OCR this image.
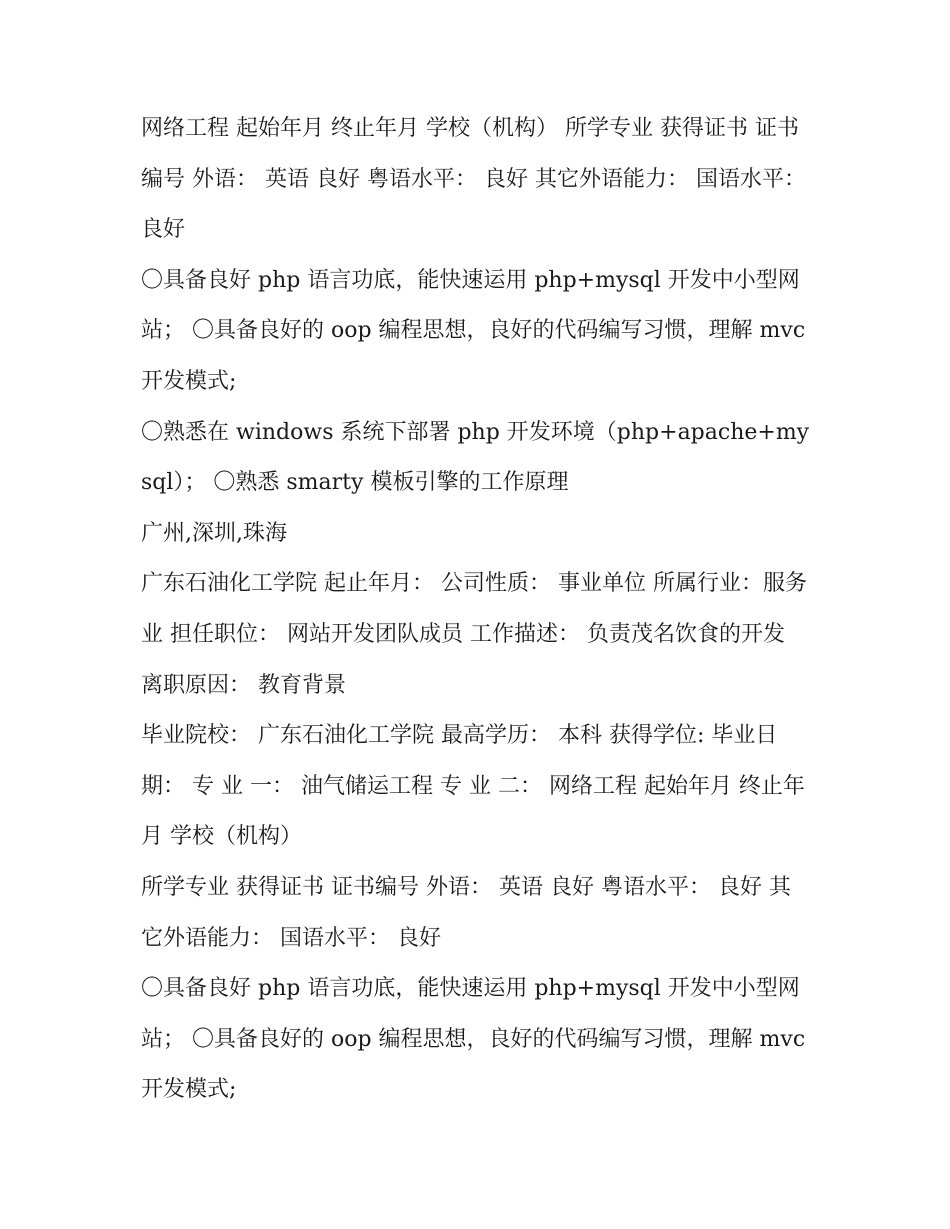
网络工程 起始年月 终止年月 学校（机构） 所学专业 获得证书 证书编号 外语： 英语 良好 粤语水平： 良好 其它外语能力： 国语水平： 良好

〇具备良好 php 语言功底，能快速运用 php+mysql 开发中小型网站； 〇具备良好的 oop 编程思想，良好的代码编写习惯，理解 mvc 开发模式;

〇熟悉在 windows 系统下部署 php 开发环境（php+apache+mysql）； 〇熟悉 smarty 模板引擎的工作原理

广州,深圳,珠海

广东石油化工学院 起止年月： 公司性质： 事业单位 所属行业：服务业 担任职位： 网站开发团队成员 工作描述： 负责茂名饮食的开发 离职原因： 教育背景

毕业院校： 广东石油化工学院 最高学历： 本科 获得学位: 毕业日期： 专 业 一： 油气储运工程 专 业 二： 网络工程 起始年月 终止年月 学校（机构）

所学专业 获得证书 证书编号 外语： 英语 良好 粤语水平： 良好 其它外语能力： 国语水平： 良好

〇具备良好 php 语言功底，能快速运用 php+mysql 开发中小型网站； 〇具备良好的 oop 编程思想，良好的代码编写习惯，理解 mvc 开发模式;
